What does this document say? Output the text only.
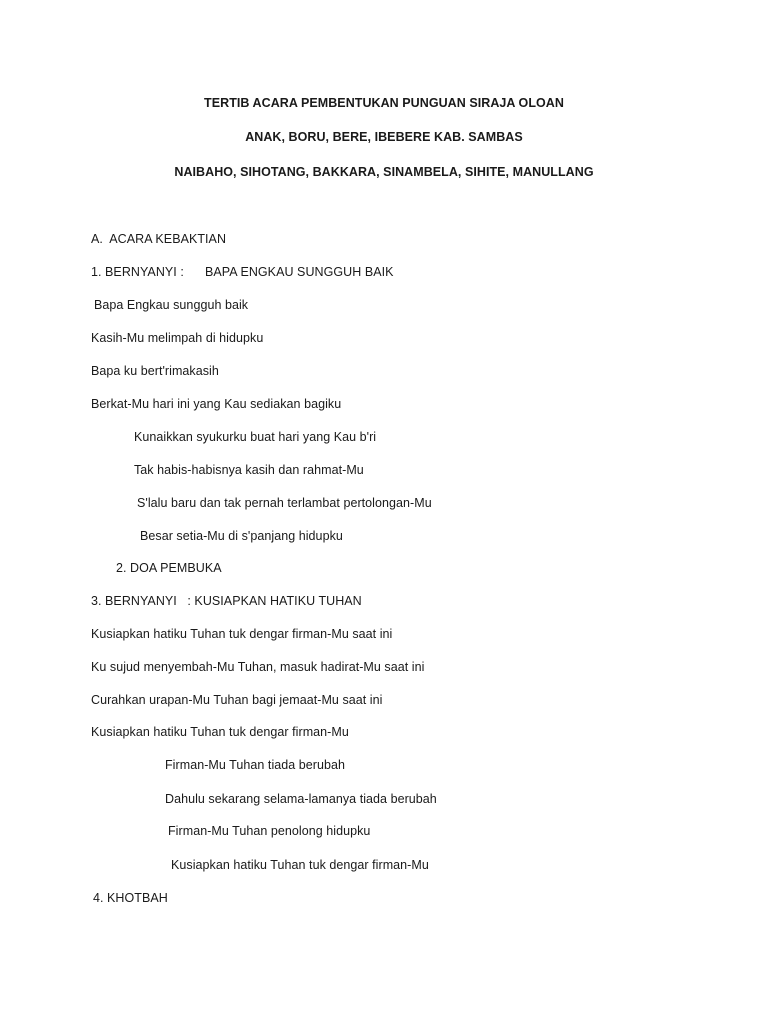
TERTIB ACARA PEMBENTUKAN PUNGUAN SIRAJA OLOAN
ANAK, BORU, BERE, IBEBERE KAB. SAMBAS
NAIBAHO, SIHOTANG, BAKKARA, SINAMBELA, SIHITE, MANULLANG
A.  ACARA KEBAKTIAN
1. BERNYANYI :      BAPA ENGKAU SUNGGUH BAIK
Bapa Engkau sungguh baik
Kasih-Mu melimpah di hidupku
Bapa ku bert'rimakasih
Berkat-Mu hari ini yang Kau sediakan bagiku
Kunaikkan syukurku buat hari yang Kau b'ri
Tak habis-habisnya kasih dan rahmat-Mu
S'lalu baru dan tak pernah terlambat pertolongan-Mu
Besar setia-Mu di s'panjang hidupku
2. DOA PEMBUKA
3. BERNYANYI   : KUSIAPKAN HATIKU TUHAN
Kusiapkan hatiku Tuhan tuk dengar firman-Mu saat ini
Ku sujud menyembah-Mu Tuhan, masuk hadirat-Mu saat ini
Curahkan urapan-Mu Tuhan bagi jemaat-Mu saat ini
Kusiapkan hatiku Tuhan tuk dengar firman-Mu
Firman-Mu Tuhan tiada berubah
Dahulu sekarang selama-lamanya tiada berubah
Firman-Mu Tuhan penolong hidupku
Kusiapkan hatiku Tuhan tuk dengar firman-Mu
4. KHOTBAH
